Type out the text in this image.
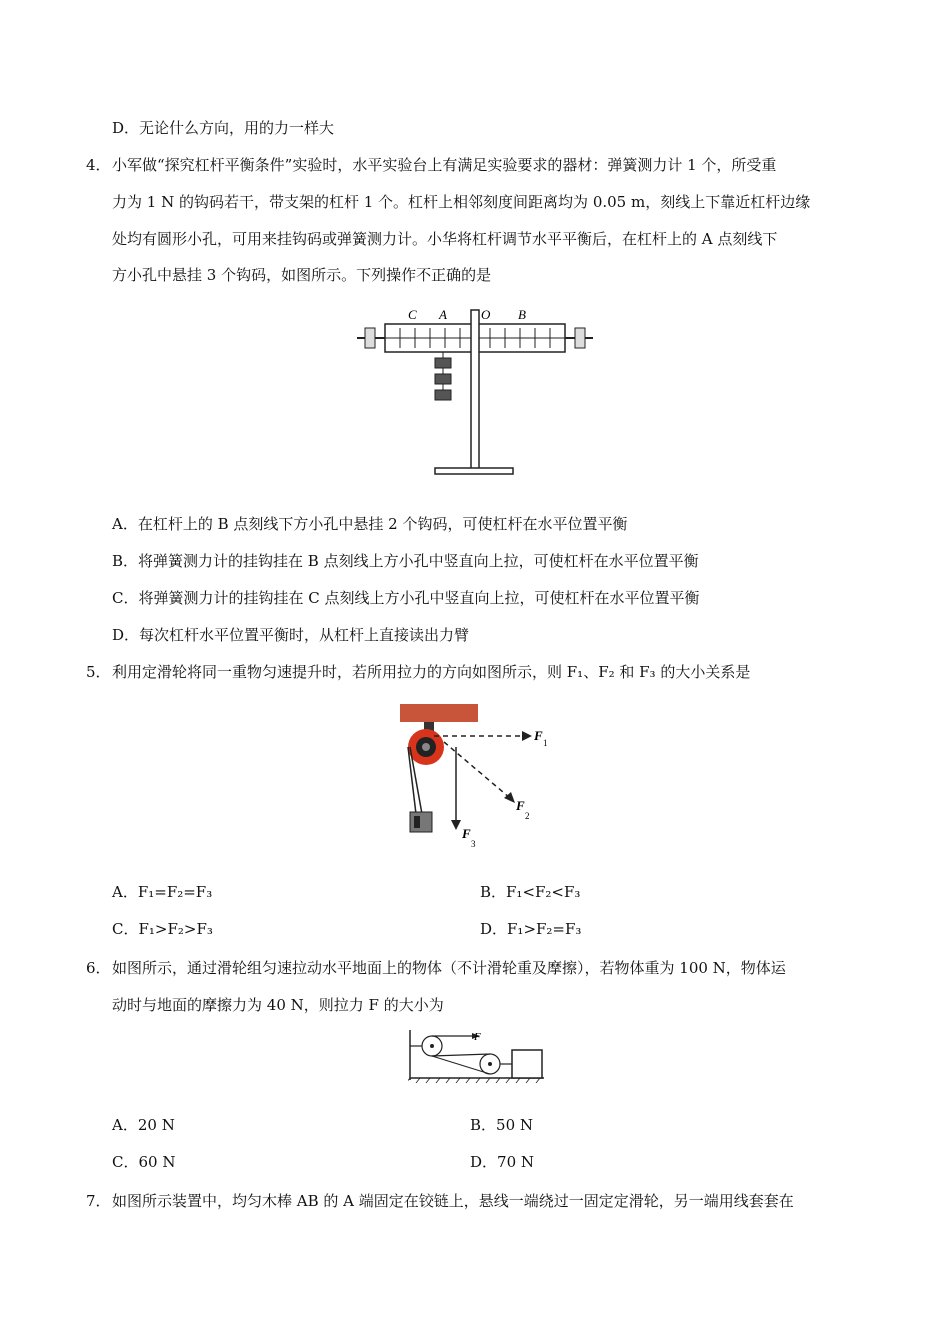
D．无论什么方向，用的力一样大
4． 小军做“探究杠杆平衡条件”实验时，水平实验台上有满足实验要求的器材：弹簧测力计 1 个，所受重
力为 1 N 的钩码若干，带支架的杠杆 1 个。杠杆上相邻刻度间距离均为 0.05 m，刻线上下靠近杠杆边缘
处均有圆形小孔，可用来挂钩码或弹簧测力计。小华将杠杆调节水平平衡后，在杠杆上的 A 点刻线下
方小孔中悬挂 3 个钩码，如图所示。下列操作不正确的是
C A	O B
A．在杠杆上的 B 点刻线下方小孔中悬挂 2 个钩码，可使杠杆在水平位置平衡
B．将弹簧测力计的挂钩挂在 B 点刻线上方小孔中竖直向上拉，可使杠杆在水平位置平衡
C．将弹簧测力计的挂钩挂在 C 点刻线上方小孔中竖直向上拉，可使杠杆在水平位置平衡
D．每次杠杆水平位置平衡时，从杠杆上直接读出力臂
5． 利用定滑轮将同一重物匀速提升时，若所用拉力的方向如图所示，则 F₁、F₂ 和 F₃ 的大小关系是
F 1
F
2
F
3
A．F₁=F₂=F₃	B．F₁<F₂<F₃
C．F₁>F₂>F₃	D．F₁>F₂=F₃
6． 如图所示，通过滑轮组匀速拉动水平地面上的物体（不计滑轮重及摩擦），若物体重为 100 N，物体运
动时与地面的摩擦力为 40 N，则拉力 F 的大小为
F
A．20 N	B．50 N
C．60 N	D．70 N
7． 如图所示装置中，均匀木棒 AB 的 A 端固定在铰链上，悬线一端绕过一固定定滑轮，另一端用线套套在
